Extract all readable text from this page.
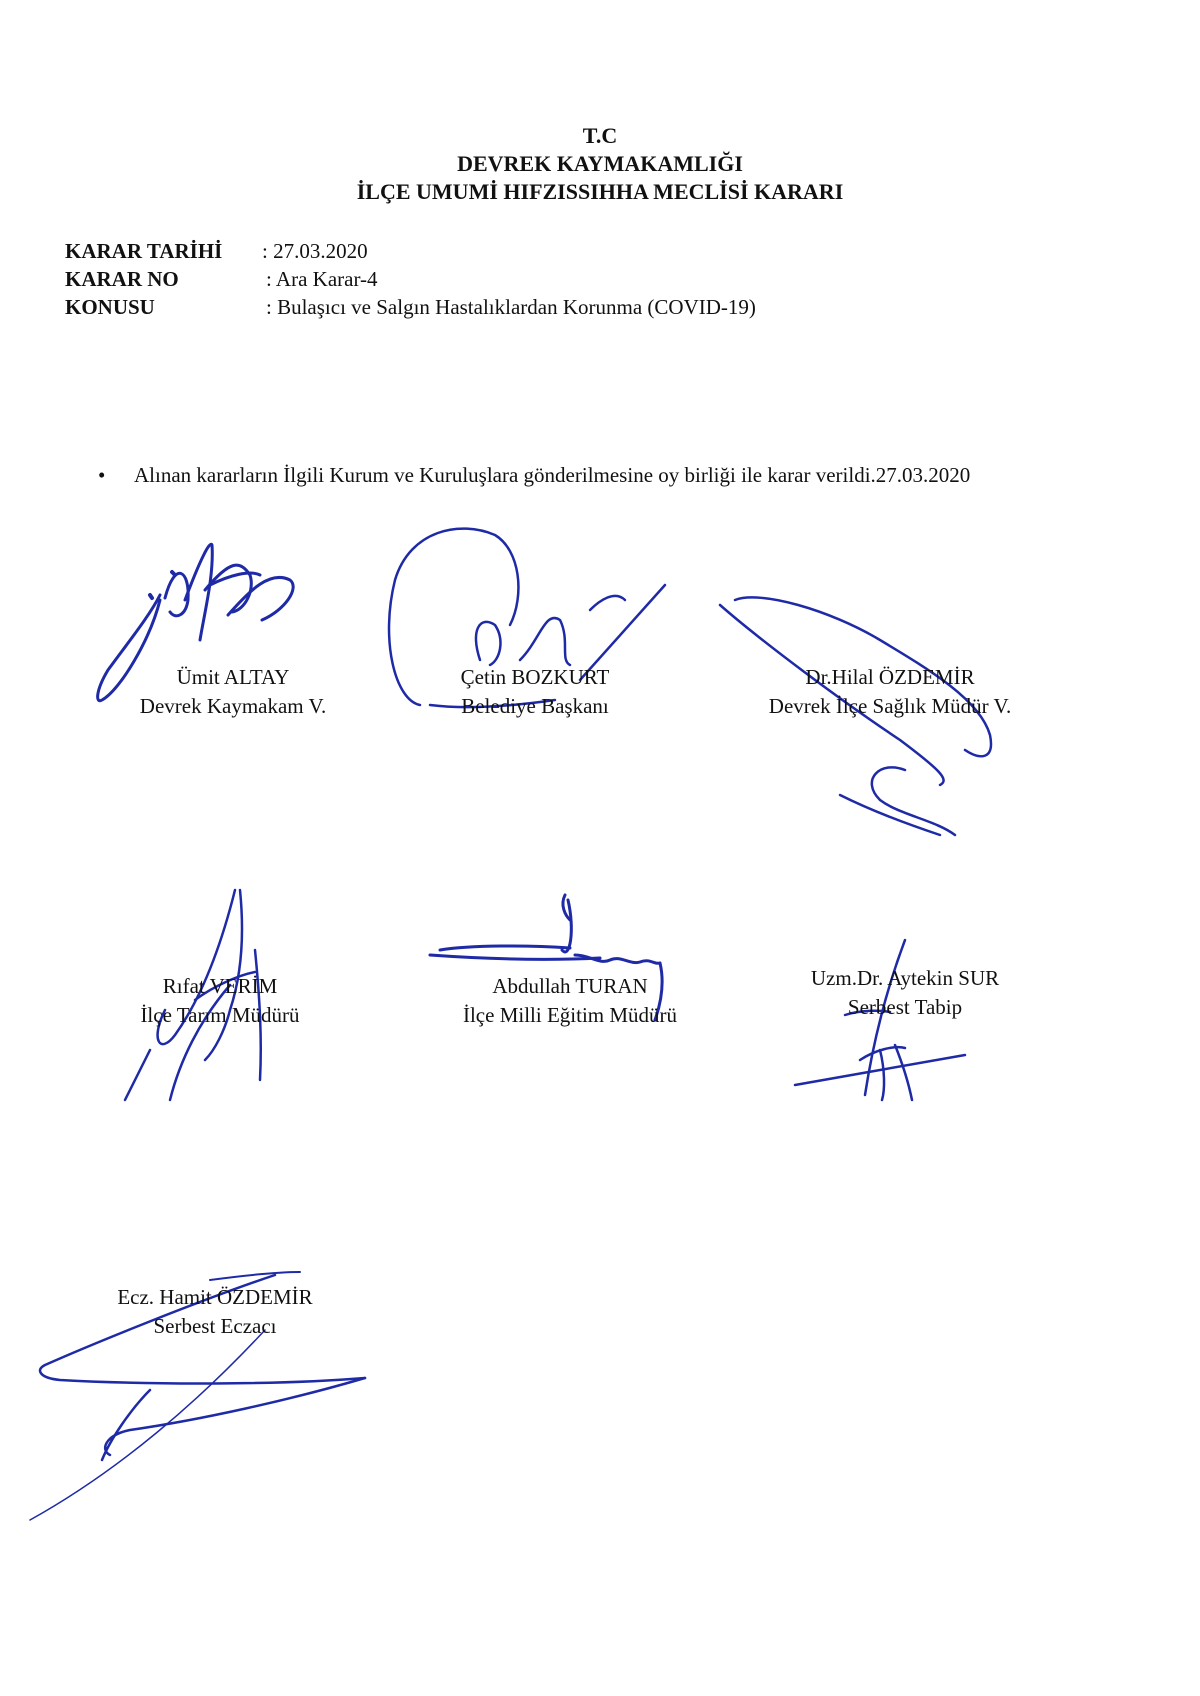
T.C
DEVREK KAYMAKAMLIĞI
İLÇE UMUMİ HIFZISSIHHA MECLİSİ KARARI
KARAR TARİHİ : 27.03.2020
KARAR NO	: Ara Karar-4
KONUSU	: Bulaşıcı ve Salgın Hastalıklardan Korunma (COVID-19)
• Alınan kararların İlgili Kurum ve Kuruluşlara gönderilmesine oy birliği ile karar verildi.27.03.2020
Ümit ALTAY
Devrek Kaymakam V.
Çetin BOZKURT
Belediye Başkanı
Dr.Hilal ÖZDEMİR
Devrek İlçe Sağlık Müdür V.
Rıfat VERİM
İlçe Tarım Müdürü
Abdullah TURAN
İlçe Milli Eğitim Müdürü
Uzm.Dr. Aytekin SUR
Serbest Tabip
Ecz. Hamit ÖZDEMİR
Serbest Eczacı
